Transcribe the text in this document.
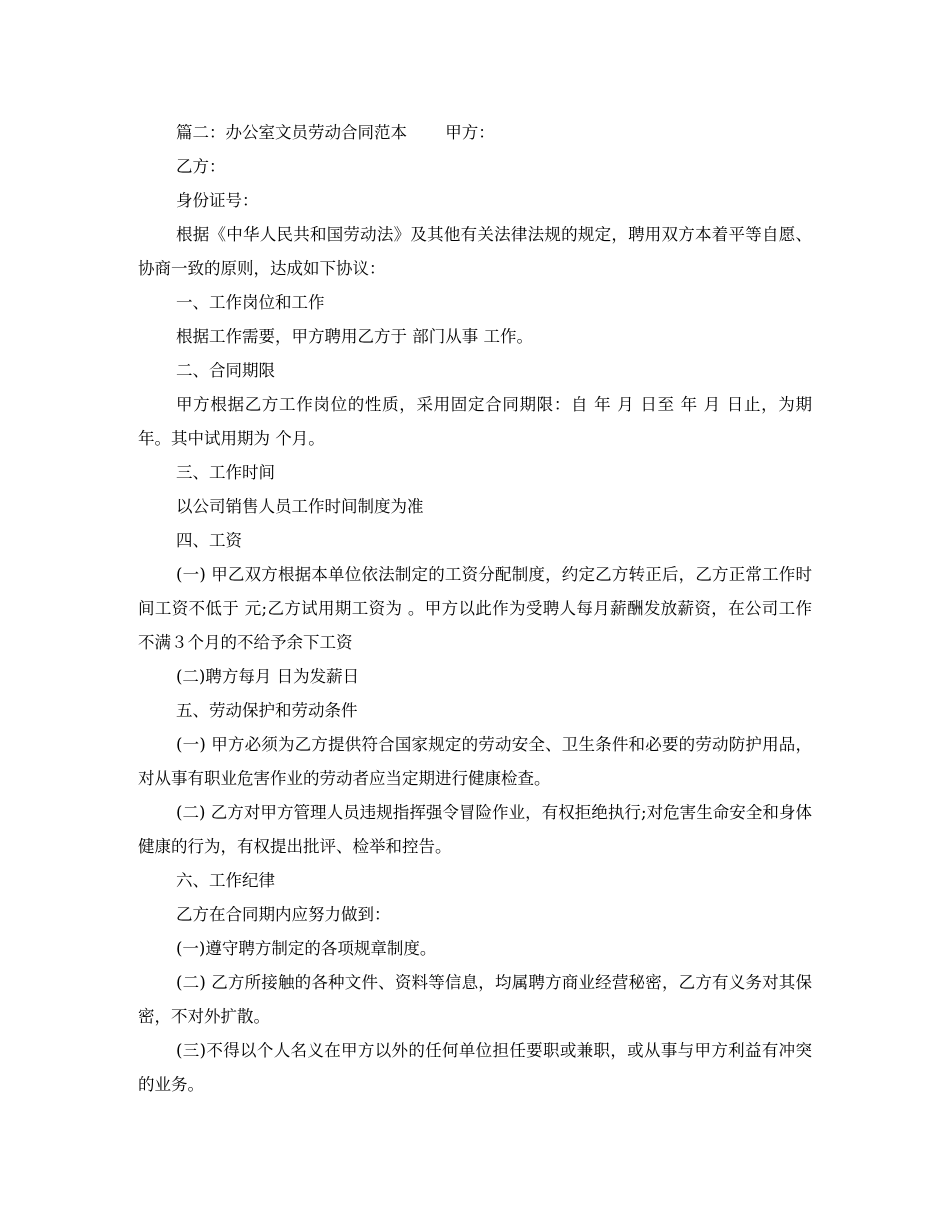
篇二：办公室文员劳动合同范本　　 甲方：

乙方：

身份证号：

根据《中华人民共和国劳动法》及其他有关法律法规的规定，聘用双方本着平等自愿、协商一致的原则，达成如下协议：

一、工作岗位和工作

根据工作需要，甲方聘用乙方于 部门从事 工作。

二、合同期限

甲方根据乙方工作岗位的性质，采用固定合同期限：自 年 月 日至 年 月 日止，为期 年。其中试用期为 个月。

三、工作时间

以公司销售人员工作时间制度为准

四、工资

(一) 甲乙双方根据本单位依法制定的工资分配制度，约定乙方转正后，乙方正常工作时间工资不低于 元;乙方试用期工资为 。甲方以此作为受聘人每月薪酬发放薪资，在公司工作不满３个月的不给予余下工资

(二)聘方每月 日为发薪日

五、劳动保护和劳动条件

(一) 甲方必须为乙方提供符合国家规定的劳动安全、卫生条件和必要的劳动防护用品，对从事有职业危害作业的劳动者应当定期进行健康检查。

(二) 乙方对甲方管理人员违规指挥强令冒险作业，有权拒绝执行;对危害生命安全和身体健康的行为，有权提出批评、检举和控告。

六、工作纪律

乙方在合同期内应努力做到：

(一)遵守聘方制定的各项规章制度。

(二) 乙方所接触的各种文件、资料等信息，均属聘方商业经营秘密，乙方有义务对其保密，不对外扩散。

(三)不得以个人名义在甲方以外的任何单位担任要职或兼职，或从事与甲方利益有冲突的业务。
